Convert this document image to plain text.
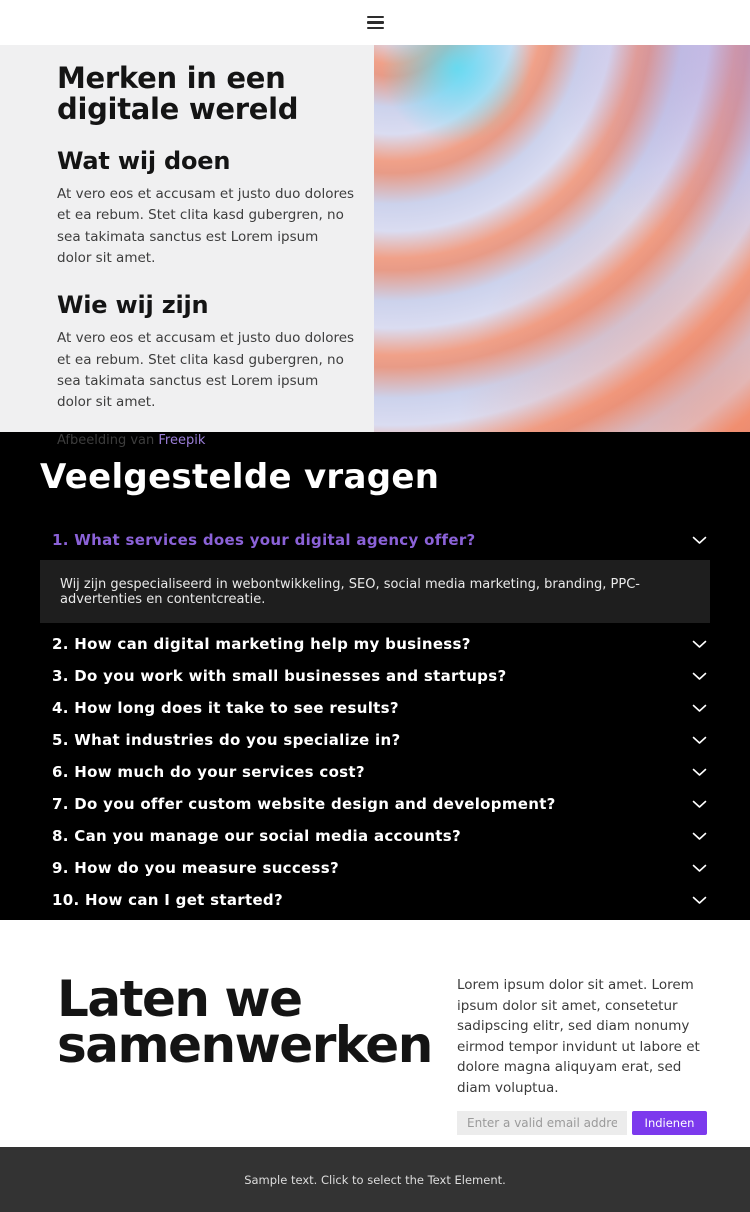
Merken in een digitale wereld
Wat wij doen

At vero eos et accusam et justo duo dolores et ea rebum. Stet clita kasd gubergren, no sea takimata sanctus est Lorem ipsum dolor sit amet.

Wie wij zijn

At vero eos et accusam et justo duo dolores et ea rebum. Stet clita kasd gubergren, no sea takimata sanctus est Lorem ipsum dolor sit amet.

Afbeelding van Freepik

Veelgestelde vragen
1. What services does your digital agency offer?
Wij zijn gespecialiseerd in webontwikkeling, SEO, social media marketing, branding, PPC-advertenties en contentcreatie.
2. How can digital marketing help my business?
3. Do you work with small businesses and startups?
4. How long does it take to see results?
5. What industries do you specialize in?
6. How much do your services cost?
7. Do you offer custom website design and development?
8. Can you manage our social media accounts?
9. How do you measure success?
10. How can I get started?
Laten we samenwerken

Lorem ipsum dolor sit amet. Lorem ipsum dolor sit amet, consetetur sadipscing elitr, sed diam nonumy eirmod tempor invidunt ut labore et dolore magna aliquyam erat, sed diam voluptua.

Enter a valid email address
Indienen
Sample text. Click to select the Text Element.
